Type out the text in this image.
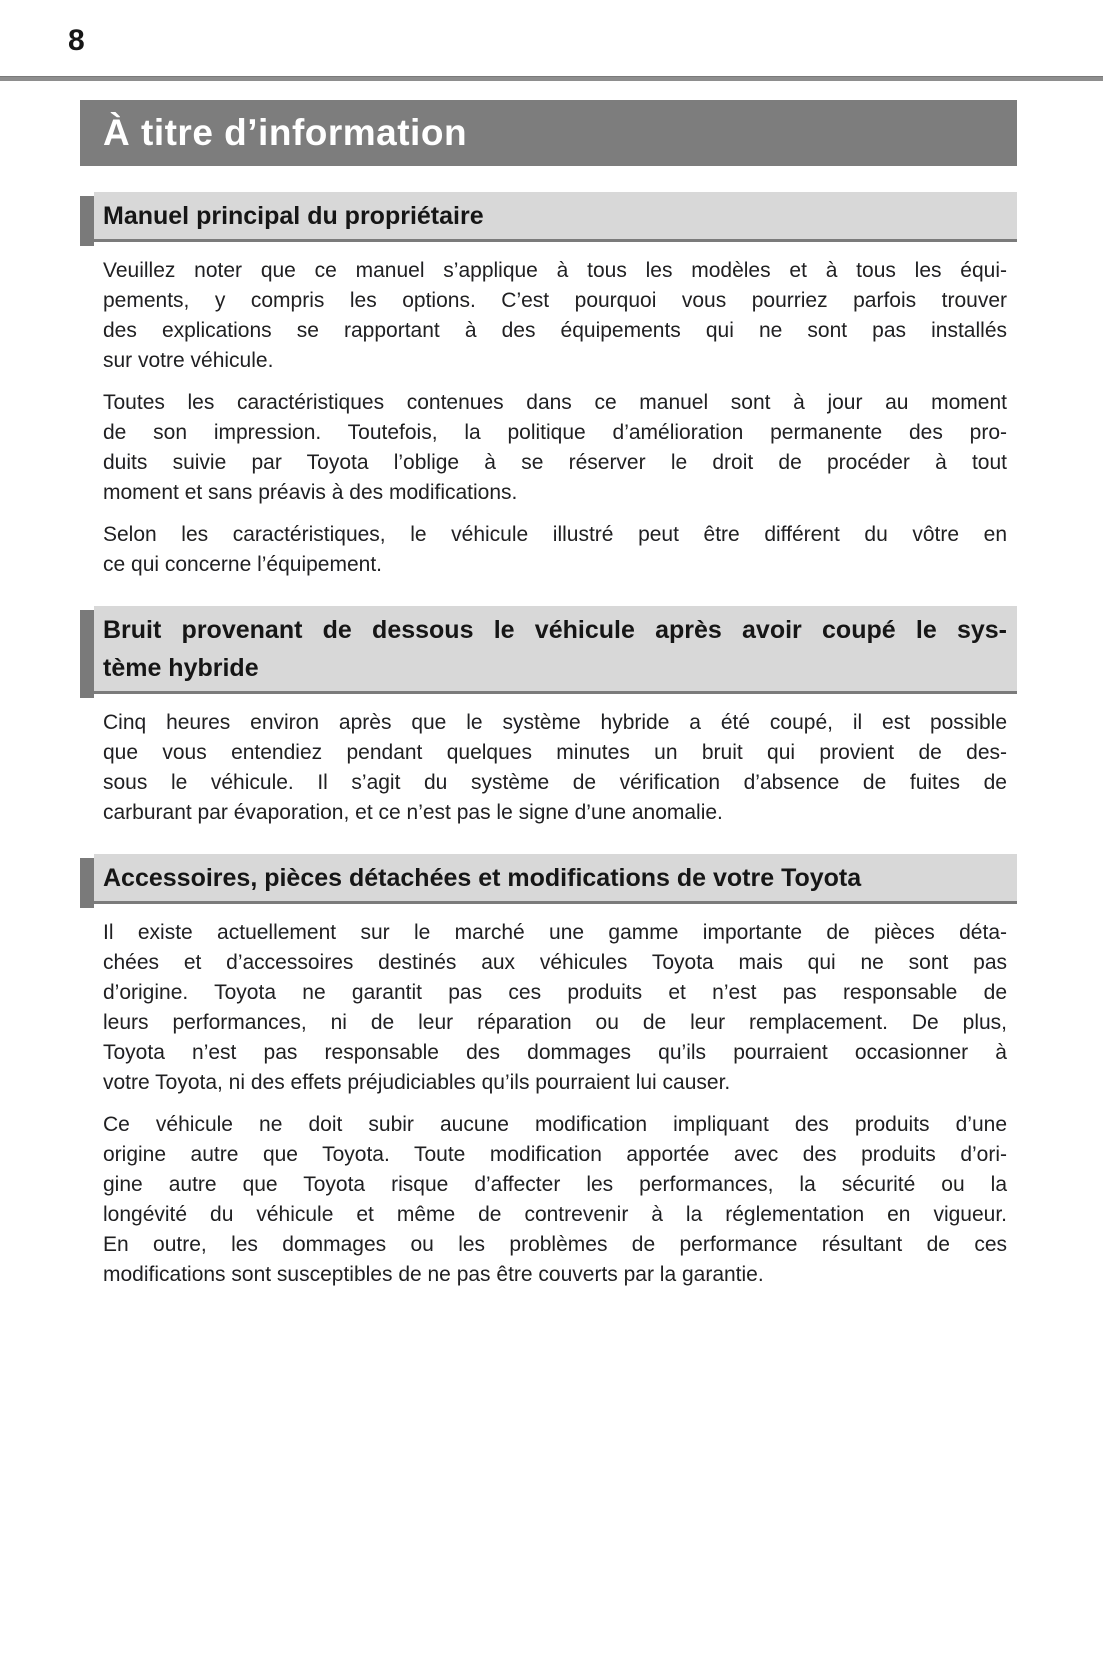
8
À titre d’information
Manuel principal du propriétaire
Veuillez noter que ce manuel s’applique à tous les modèles et à tous les équi-
pements, y compris les options. C’est pourquoi vous pourriez parfois trouver
des explications se rapportant à des équipements qui ne sont pas installés
sur votre véhicule.
Toutes les caractéristiques contenues dans ce manuel sont à jour au moment
de son impression. Toutefois, la politique d’amélioration permanente des pro-
duits suivie par Toyota l’oblige à se réserver le droit de procéder à tout
moment et sans préavis à des modifications.
Selon les caractéristiques, le véhicule illustré peut être différent du vôtre en
ce qui concerne l’équipement.
Bruit provenant de dessous le véhicule après avoir coupé le sys-
tème hybride
Cinq heures environ après que le système hybride a été coupé, il est possible
que vous entendiez pendant quelques minutes un bruit qui provient de des-
sous le véhicule. Il s’agit du système de vérification d’absence de fuites de
carburant par évaporation, et ce n’est pas le signe d’une anomalie.
Accessoires, pièces détachées et modifications de votre Toyota
Il existe actuellement sur le marché une gamme importante de pièces déta-
chées et d’accessoires destinés aux véhicules Toyota mais qui ne sont pas
d’origine. Toyota ne garantit pas ces produits et n’est pas responsable de
leurs performances, ni de leur réparation ou de leur remplacement. De plus,
Toyota n’est pas responsable des dommages qu’ils pourraient occasionner à
votre Toyota, ni des effets préjudiciables qu’ils pourraient lui causer.
Ce véhicule ne doit subir aucune modification impliquant des produits d’une
origine autre que Toyota. Toute modification apportée avec des produits d’ori-
gine autre que Toyota risque d’affecter les performances, la sécurité ou la
longévité du véhicule et même de contrevenir à la réglementation en vigueur.
En outre, les dommages ou les problèmes de performance résultant de ces
modifications sont susceptibles de ne pas être couverts par la garantie.
